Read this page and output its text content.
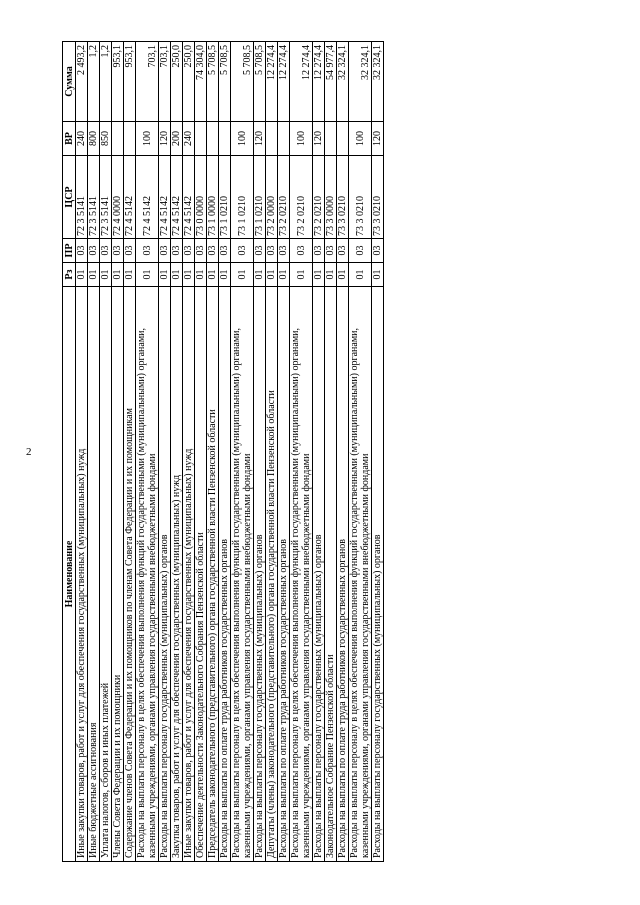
2
Наименование	Рз	ПР	ЦСР	ВР	Сумма
Иные закупки товаров, работ и услуг для обеспечения государственных (муниципальных) нужд	01	03	72 3 5141	240	2 493,2
Иные бюджетные ассигнования	01	03	72 3 5141	800	1,2
Уплата налогов, сборов и иных платежей	01	03	72 3 5141	850	1,2
Члены Совета Федерации и их помощники	01	03	72 4 0000		953,1
Содержание членов Совета Федерации и их помощников по членам Совета Федерации и их помощникам	01	03	72 4 5142		953,1
Расходы на выплаты персоналу в целях обеспечения выполнения функций государственными (муниципальными) органами, казенными учреждениями, органами управления государственными внебюджетными фондами	01	03	72 4 5142	100	703,1
Расходы на выплаты персоналу государственных (муниципальных) органов	01	03	72 4 5142	120	703,1
Закупка товаров, работ и услуг для обеспечения государственных (муниципальных) нужд	01	03	72 4 5142	200	250,0
Иные закупки товаров, работ и услуг для обеспечения государственных (муниципальных) нужд	01	03	72 4 5142	240	250,0
Обеспечение деятельности Законодательного Собрания Пензенской области	01	03	73 0 0000		74 304,0
Председатель законодательного (представительного) органа государственной власти Пензенской области	01	03	73 1 0000		5 708,5
Расходы на выплаты по оплате труда работников государственных органов	01	03	73 1 0210		5 708,5
Расходы на выплаты персоналу в целях обеспечения выполнения функций государственными (муниципальными) органами, казенными учреждениями, органами управления государственными внебюджетными фондами	01	03	73 1 0210	100	5 708,5
Расходы на выплаты персоналу государственных (муниципальных) органов	01	03	73 1 0210	120	5 708,5
Депутаты (члены) законодательного (представительного) органа государственной власти Пензенской области	01	03	73 2 0000		12 274,4
Расходы на выплаты по оплате труда работников государственных органов	01	03	73 2 0210		12 274,4
Расходы на выплаты персоналу в целях обеспечения выполнения функций государственными (муниципальными) органами, казенными учреждениями, органами управления государственными внебюджетными фондами	01	03	73 2 0210	100	12 274,4
Расходы на выплаты персоналу государственных (муниципальных) органов	01	03	73 2 0210	120	12 274,4
Законодательное Собрание Пензенской области	01	03	73 3 0000		54 977,4
Расходы на выплаты по оплате труда работников государственных органов	01	03	73 3 0210		32 324,1
Расходы на выплаты персоналу в целях обеспечения выполнения функций государственными (муниципальными) органами, казенными учреждениями, органами управления государственными внебюджетными фондами	01	03	73 3 0210	100	32 324,1
Расходы на выплаты персоналу государственных (муниципальных) органов	01	03	73 3 0210	120	32 324,1
